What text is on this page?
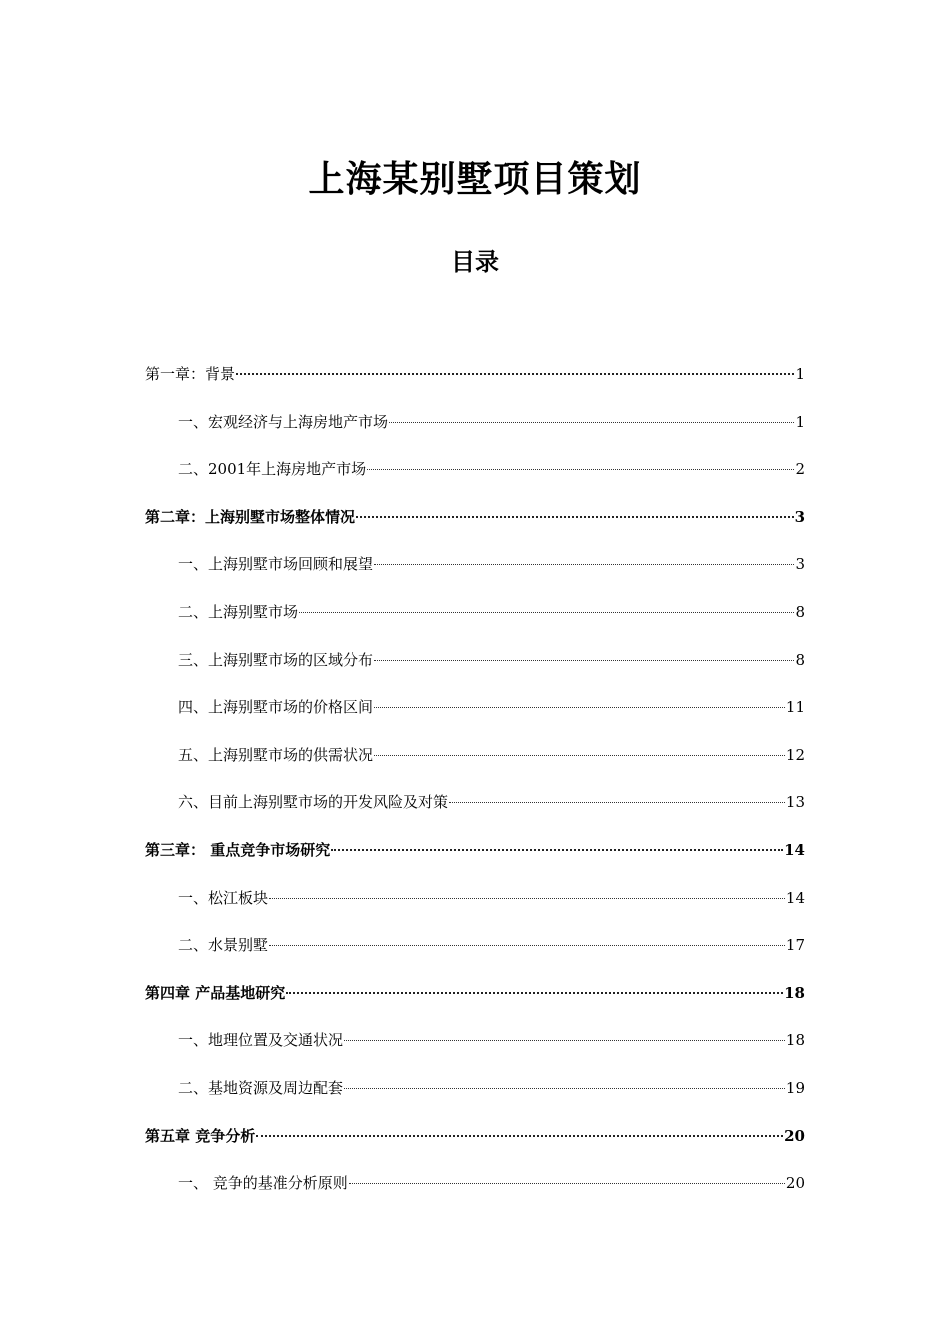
上海某别墅项目策划
目录
第一章：背景	1
一、宏观经济与上海房地产市场	1
二、2001年上海房地产市场	2
第二章：上海别墅市场整体情况	3
一、上海别墅市场回顾和展望	3
二、上海别墅市场	8
三、上海别墅市场的区域分布	8
四、上海别墅市场的价格区间	11
五、上海别墅市场的供需状况	12
六、目前上海别墅市场的开发风险及对策	13
第三章： 重点竞争市场研究	14
一、松江板块	14
二、水景别墅	17
第四章 产品基地研究	18
一、地理位置及交通状况	18
二、基地资源及周边配套	19
第五章 竞争分析	20
一、 竞争的基准分析原则	20
